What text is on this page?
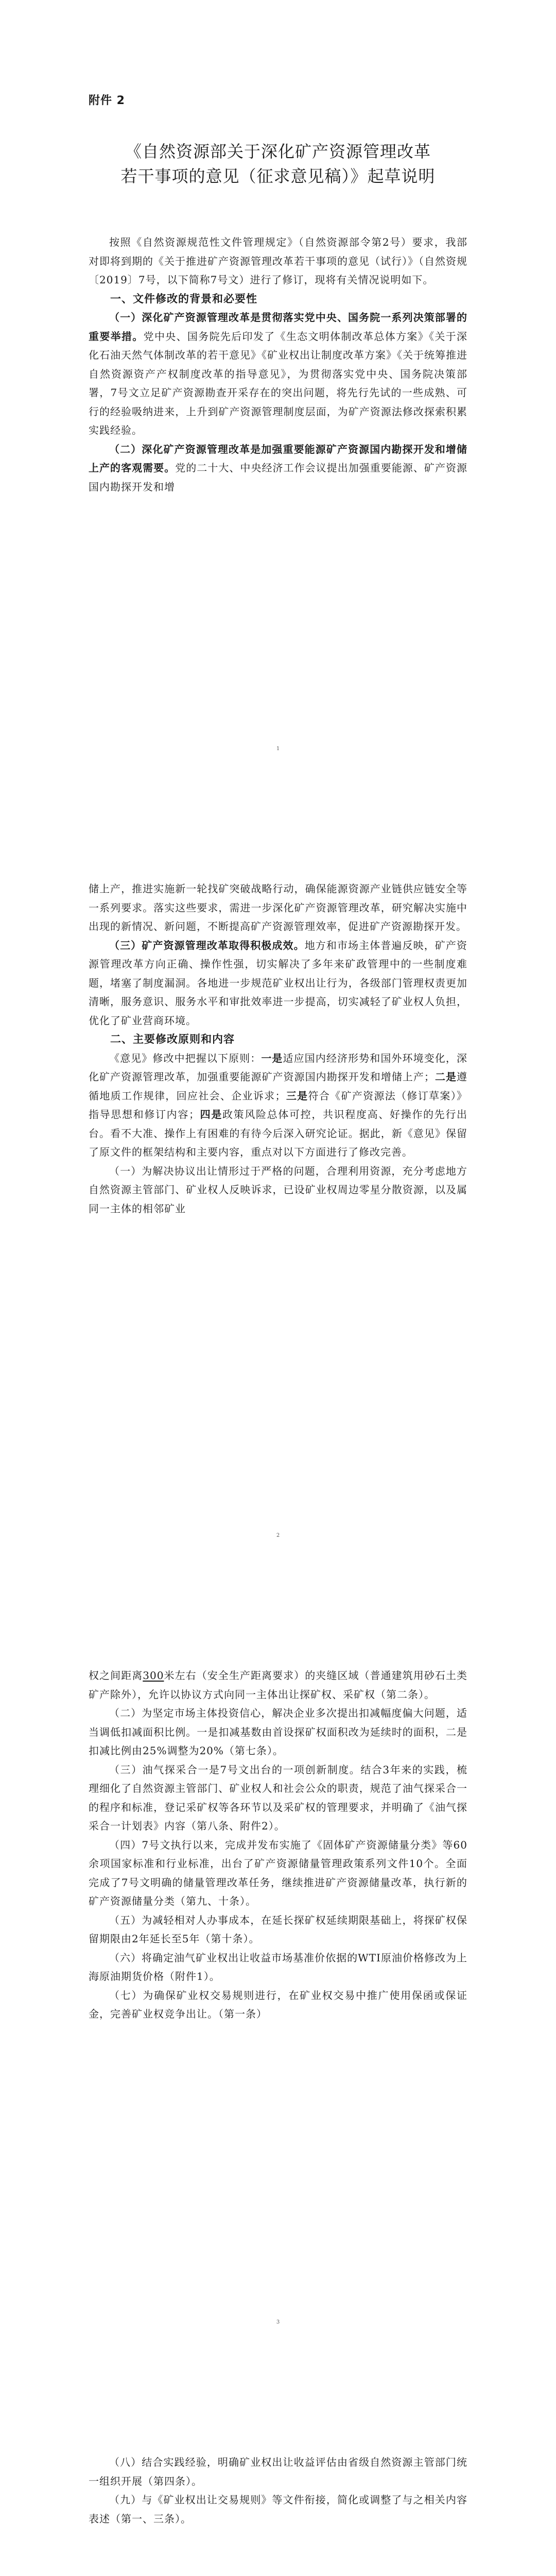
附件 2
《自然资源部关于深化矿产资源管理改革
若干事项的意见（征求意见稿）》起草说明

按照《自然资源规范性文件管理规定》（自然资源部令第2号）要求，我部对即将到期的《关于推进矿产资源管理改革若干事项的意见（试行）》（自然资规〔2019〕7号，以下简称7号文）进行了修订，现将有关情况说明如下。

一、文件修改的背景和必要性

（一）深化矿产资源管理改革是贯彻落实党中央、国务院一系列决策部署的重要举措。党中央、国务院先后印发了《生态文明体制改革总体方案》《关于深化石油天然气体制改革的若干意见》《矿业权出让制度改革方案》《关于统筹推进自然资源资产产权制度改革的指导意见》，为贯彻落实党中央、国务院决策部署，7号文立足矿产资源勘查开采存在的突出问题，将先行先试的一些成熟、可行的经验吸纳进来，上升到矿产资源管理制度层面，为矿产资源法修改探索积累实践经验。

（二）深化矿产资源管理改革是加强重要能源矿产资源国内勘探开发和增储上产的客观需要。党的二十大、中央经济工作会议提出加强重要能源、矿产资源国内勘探开发和增

1

储上产，推进实施新一轮找矿突破战略行动，确保能源资源产业链供应链安全等一系列要求。落实这些要求，需进一步深化矿产资源管理改革，研究解决实施中出现的新情况、新问题，不断提高矿产资源管理效率，促进矿产资源勘探开发。

（三）矿产资源管理改革取得积极成效。地方和市场主体普遍反映，矿产资源管理改革方向正确、操作性强，切实解决了多年来矿政管理中的一些制度难题，堵塞了制度漏洞。各地进一步规范矿业权出让行为，各级部门管理权责更加清晰，服务意识、服务水平和审批效率进一步提高，切实减轻了矿业权人负担，优化了矿业营商环境。

二、主要修改原则和内容

《意见》修改中把握以下原则：一是适应国内经济形势和国外环境变化，深化矿产资源管理改革，加强重要能源矿产资源国内勘探开发和增储上产；二是遵循地质工作规律，回应社会、企业诉求；三是符合《矿产资源法（修订草案）》指导思想和修订内容；四是政策风险总体可控，共识程度高、好操作的先行出台。看不大准、操作上有困难的有待今后深入研究论证。据此，新《意见》保留了原文件的框架结构和主要内容，重点对以下方面进行了修改完善。

（一）为解决协议出让情形过于严格的问题，合理利用资源，充分考虑地方自然资源主管部门、矿业权人反映诉求，已设矿业权周边零星分散资源，以及属同一主体的相邻矿业

2

权之间距离300米左右（安全生产距离要求）的夹缝区域（普通建筑用砂石土类矿产除外），允许以协议方式向同一主体出让探矿权、采矿权（第二条）。

（二）为坚定市场主体投资信心，解决企业多次提出扣减幅度偏大问题，适当调低扣减面积比例。一是扣减基数由首设探矿权面积改为延续时的面积，二是扣减比例由25%调整为20%（第七条）。

（三）油气探采合一是7号文出台的一项创新制度。结合3年来的实践，梳理细化了自然资源主管部门、矿业权人和社会公众的职责，规范了油气探采合一的程序和标准，登记采矿权等各环节以及采矿权的管理要求，并明确了《油气探采合一计划表》内容（第八条、附件2）。

（四）7号文执行以来，完成并发布实施了《固体矿产资源储量分类》等60余项国家标准和行业标准，出台了矿产资源储量管理政策系列文件10个。全面完成了7号文明确的储量管理改革任务，继续推进矿产资源储量改革，执行新的矿产资源储量分类（第九、十条）。

（五）为减轻相对人办事成本，在延长探矿权延续期限基础上，将探矿权保留期限由2年延长至5年（第十条）。

（六）将确定油气矿业权出让收益市场基准价依据的WTI原油价格修改为上海原油期货价格（附件1）。

（七）为确保矿业权交易规则进行，在矿业权交易中推广使用保函或保证金，完善矿业权竞争出让。（第一条）

3

（八）结合实践经验，明确矿业权出让收益评估由省级自然资源主管部门统一组织开展（第四条）。

（九）与《矿业权出让交易规则》等文件衔接，简化或调整了与之相关内容表述（第一、三条）。
